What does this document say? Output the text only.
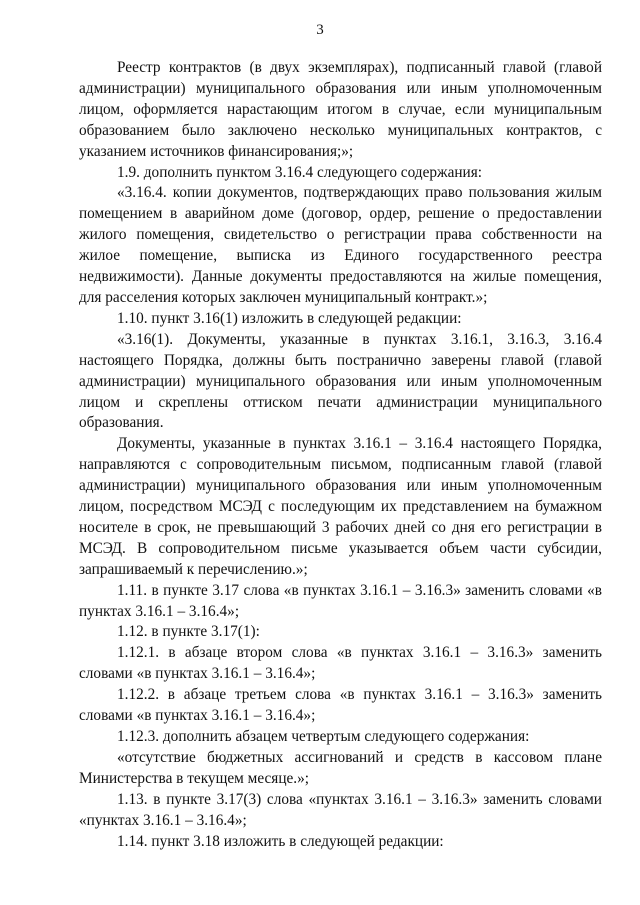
3

Реестр контрактов (в двух экземплярах), подписанный главой (главой администрации) муниципального образования или иным уполномоченным лицом, оформляется нарастающим итогом в случае, если муниципальным образованием было заключено несколько муниципальных контрактов, с указанием источников финансирования;»;

1.9. дополнить пунктом 3.16.4 следующего содержания:

«3.16.4. копии документов, подтверждающих право пользования жилым помещением в аварийном доме (договор, ордер, решение о предоставлении жилого помещения, свидетельство о регистрации права собственности на жилое помещение, выписка из Единого государственного реестра недвижимости). Данные документы предоставляются на жилые помещения, для расселения которых заключен муниципальный контракт.»;

1.10. пункт 3.16(1) изложить в следующей редакции:

«3.16(1). Документы, указанные в пунктах 3.16.1, 3.16.3, 3.16.4 настоящего Порядка, должны быть постранично заверены главой (главой администрации) муниципального образования или иным уполномоченным лицом и скреплены оттиском печати администрации муниципального образования.

Документы, указанные в пунктах 3.16.1 – 3.16.4 настоящего Порядка, направляются с сопроводительным письмом, подписанным главой (главой администрации) муниципального образования или иным уполномоченным лицом, посредством МСЭД с последующим их представлением на бумажном носителе в срок, не превышающий 3 рабочих дней со дня его регистрации в МСЭД. В сопроводительном письме указывается объем части субсидии, запрашиваемый к перечислению.»;

1.11. в пункте 3.17 слова «в пунктах 3.16.1 – 3.16.3» заменить словами «в пунктах 3.16.1 – 3.16.4»;

1.12. в пункте 3.17(1):

1.12.1. в абзаце втором слова «в пунктах 3.16.1 – 3.16.3» заменить словами «в пунктах 3.16.1 – 3.16.4»;

1.12.2. в абзаце третьем слова «в пунктах 3.16.1 – 3.16.3» заменить словами «в пунктах 3.16.1 – 3.16.4»;

1.12.3. дополнить абзацем четвертым следующего содержания:

«отсутствие бюджетных ассигнований и средств в кассовом плане Министерства в текущем месяце.»;

1.13. в пункте 3.17(3) слова «пунктах 3.16.1 – 3.16.3» заменить словами «пунктах 3.16.1 – 3.16.4»;

1.14. пункт 3.18 изложить в следующей редакции:
